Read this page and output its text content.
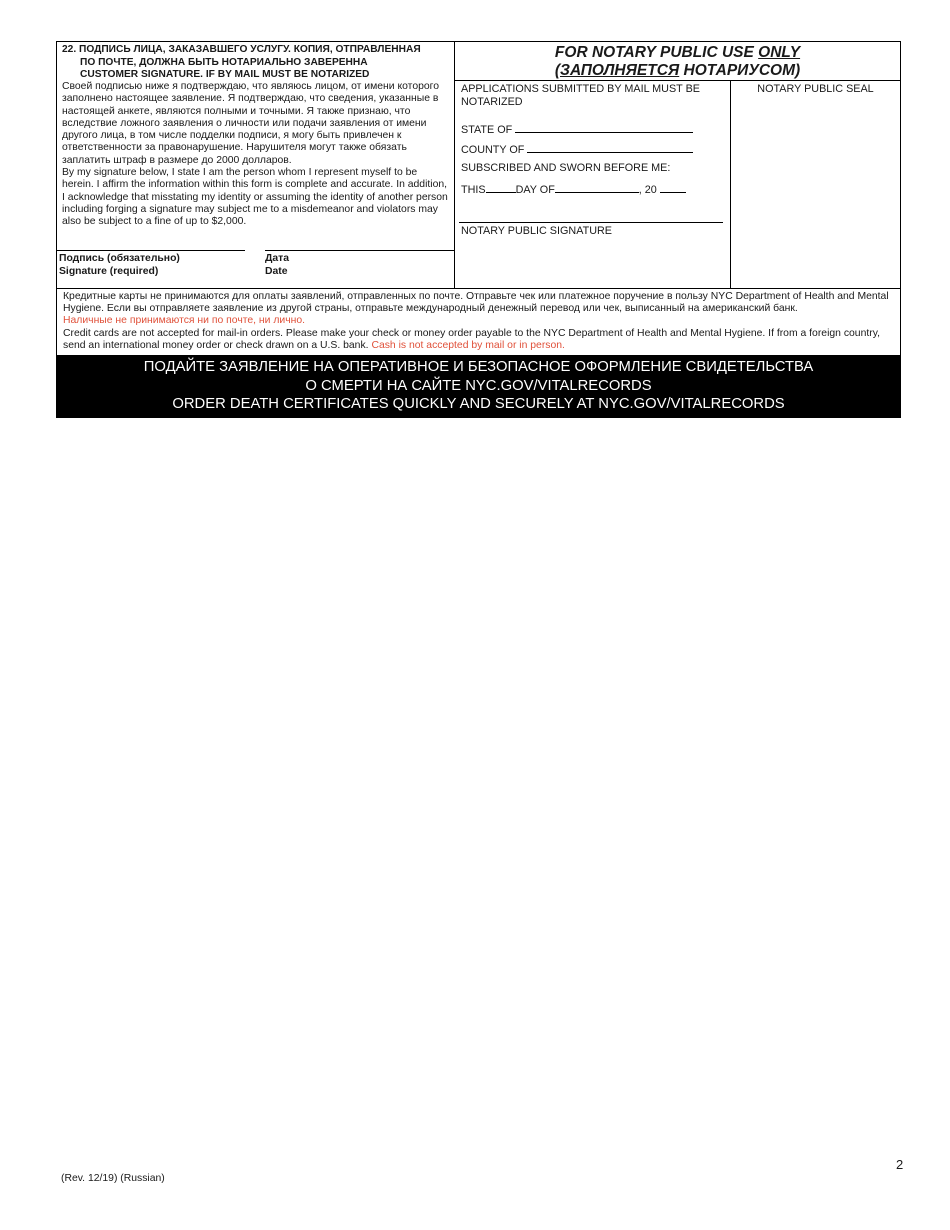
22. ПОДПИСЬ ЛИЦА, ЗАКАЗАВШЕГО УСЛУГУ. КОПИЯ, ОТПРАВЛЕННАЯ
ПО ПОЧТЕ, ДОЛЖНА БЫТЬ НОТАРИАЛЬНО ЗАВЕРЕННА
CUSTOMER SIGNATURE. IF BY MAIL MUST BE NOTARIZED

Своей подписью ниже я подтверждаю, что являюсь лицом, от имени которого заполнено настоящее заявление. Я подтверждаю, что сведения, указанные в настоящей анкете, являются полными и точными. Я также признаю, что вследствие ложного заявления о личности или подачи заявления от имени другого лица, в том числе подделки подписи, я могу быть привлечен к ответственности за правонарушение. Нарушителя могут также обязать заплатить штраф в размере до 2000 долларов.

By my signature below, I state I am the person whom I represent myself to be herein. I affirm the information within this form is complete and accurate. In addition, I acknowledge that misstating my identity or assuming the identity of another person including forging a signature may subject me to a misdemeanor and violators may also be subject to a fine of up to $2,000.

Подпись (обязательно)
Signature (required)
Дата
Date
FOR NOTARY PUBLIC USE ONLY
(ЗАПОЛНЯЕТСЯ НОТАРИУСОМ)
APPLICATIONS SUBMITTED BY MAIL MUST BE NOTARIZED
STATE OF
COUNTY OF
SUBSCRIBED AND SWORN BEFORE ME:
THIS	DAY OF	, 20
NOTARY PUBLIC SIGNATURE
NOTARY PUBLIC SEAL

Кредитные карты не принимаются для оплаты заявлений, отправленных по почте. Отправьте чек или платежное поручение в пользу NYC Department of Health and Mental Hygiene. Если вы отправляете заявление из другой страны, отправьте международный денежный перевод или чек, выписанный на американский банк.

Наличные не принимаются ни по почте, ни лично.

Credit cards are not accepted for mail-in orders. Please make your check or money order payable to the NYC Department of Health and Mental Hygiene. If from a foreign country, send an international money order or check drawn on a U.S. bank. Cash is not accepted by mail or in person.

ПОДАЙТЕ ЗАЯВЛЕНИЕ НА ОПЕРАТИВНОЕ И БЕЗОПАСНОЕ ОФОРМЛЕНИЕ СВИДЕТЕЛЬСТВА
О СМЕРТИ НА САЙТЕ NYC.GOV/VITALRECORDS
ORDER DEATH CERTIFICATES QUICKLY AND SECURELY AT NYC.GOV/VITALRECORDS
2
(Rev. 12/19) (Russian)
